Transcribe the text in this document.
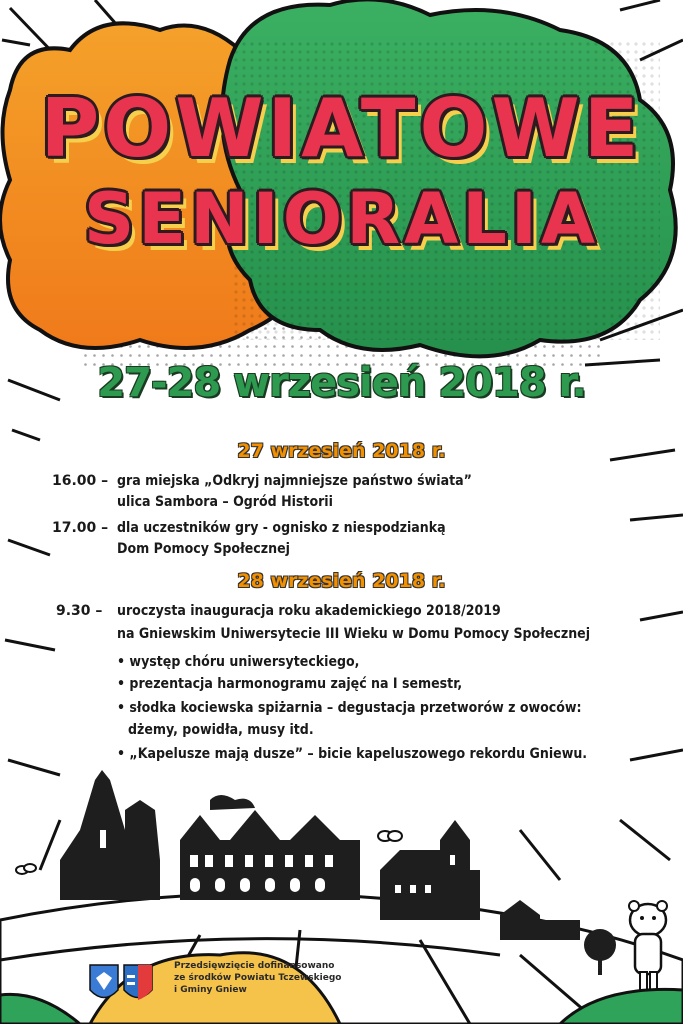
POWIATOWE
SENIORALIA
27-28 wrzesień 2018 r.
27 wrzesień 2018 r.
16.00 – gra miejska „Odkryj najmniejsze państwo świata”
ulica Sambora – Ogród Historii
17.00 – dla uczestników gry - ognisko z niespodzianką
Dom Pomocy Społecznej
28 wrzesień 2018 r.
9.30 – uroczysta inauguracja roku akademickiego 2018/2019
na Gniewskim Uniwersytecie III Wieku w Domu Pomocy Społecznej
• występ chóru uniwersyteckiego,
• prezentacja harmonogramu zajęć na I semestr,
• słodka kociewska spiżarnia – degustacja przetworów z owoców:
dżemy, powidła, musy itd.
• „Kapelusze mają dusze” – bicie kapeluszowego rekordu Gniewu.
Przedsięwzięcie dofinansowano
ze środków Powiatu Tczewskiego
i Gminy Gniew
